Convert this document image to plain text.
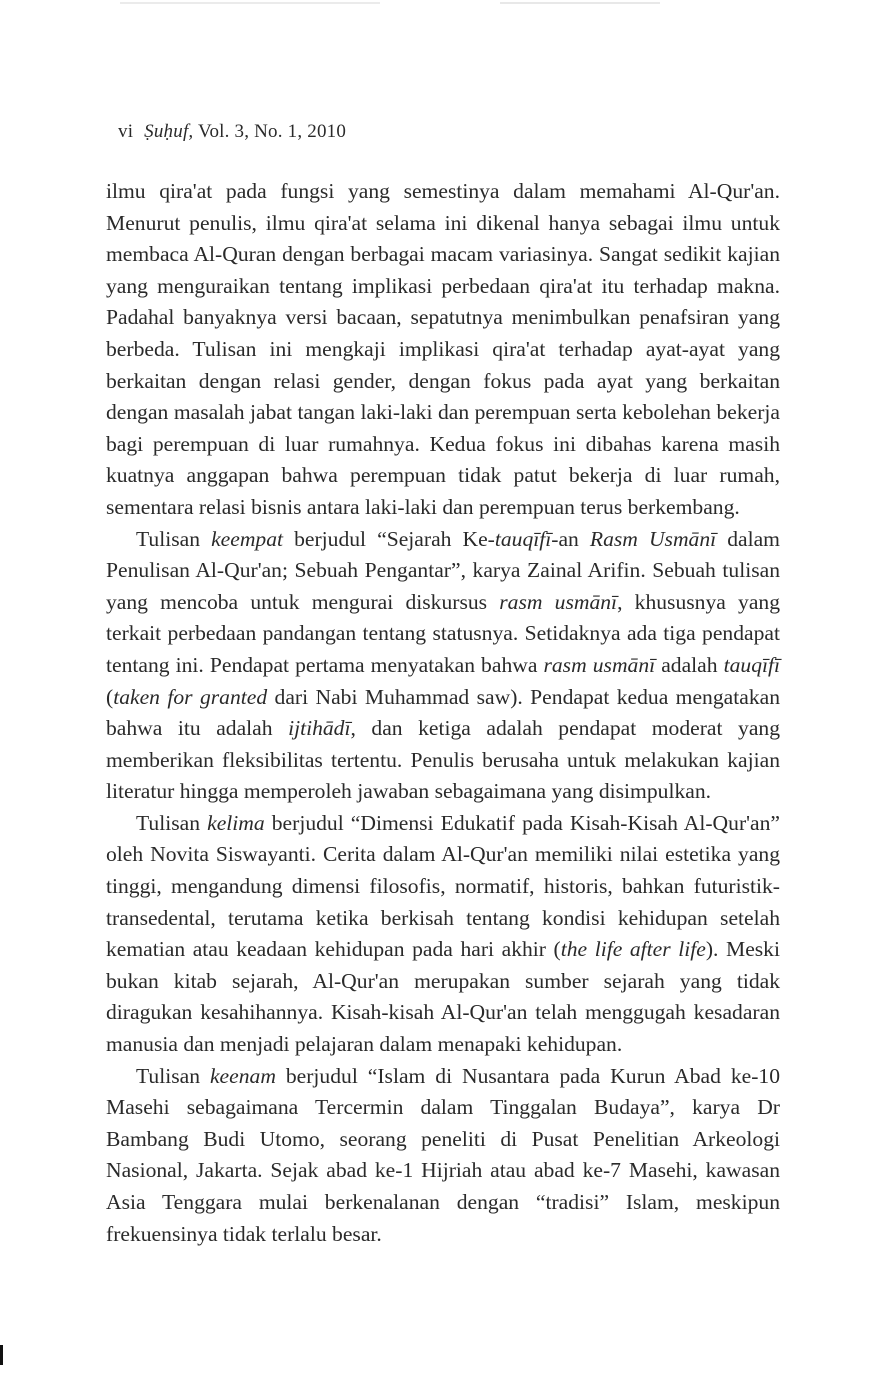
vi Ṣuḥuf, Vol. 3, No. 1, 2010

ilmu qira'at pada fungsi yang semestinya dalam memahami Al-Qur'an. Menurut penulis, ilmu qira'at selama ini dikenal hanya sebagai ilmu untuk membaca Al-Quran dengan berbagai macam variasinya. Sangat sedikit kajian yang menguraikan tentang implikasi perbedaan qira'at itu terhadap makna. Padahal banyaknya versi bacaan, sepatutnya menimbulkan penafsiran yang berbeda. Tulisan ini mengkaji implikasi qira'at terhadap ayat-ayat yang berkaitan dengan relasi gender, dengan fokus pada ayat yang berkaitan dengan masalah jabat tangan laki-laki dan perempuan serta kebolehan bekerja bagi perempuan di luar rumahnya. Kedua fokus ini dibahas karena masih kuatnya anggapan bahwa perempuan tidak patut bekerja di luar rumah, sementara relasi bisnis antara laki-laki dan perempuan terus berkembang.

Tulisan keempat berjudul “Sejarah Ke-tauqīfī-an Rasm Usmānī dalam Penulisan Al-Qur'an; Sebuah Pengantar”, karya Zainal Arifin. Sebuah tulisan yang mencoba untuk mengurai diskursus rasm usmānī, khususnya yang terkait perbedaan pandangan tentang statusnya. Setidaknya ada tiga pendapat tentang ini. Pendapat pertama menyatakan bahwa rasm usmānī adalah tauqīfī (taken for granted dari Nabi Muhammad saw). Pendapat kedua mengatakan bahwa itu adalah ijtihādī, dan ketiga adalah pendapat moderat yang memberikan fleksibilitas tertentu. Penulis berusaha untuk melakukan kajian literatur hingga memperoleh jawaban sebagaimana yang disimpulkan.

Tulisan kelima berjudul “Dimensi Edukatif pada Kisah-Kisah Al-Qur'an” oleh Novita Siswayanti. Cerita dalam Al-Qur'an memiliki nilai estetika yang tinggi, mengandung dimensi filosofis, normatif, historis, bahkan futuristik-transedental, terutama ketika berkisah tentang kondisi kehidupan setelah kematian atau keadaan kehidupan pada hari akhir (the life after life). Meski bukan kitab sejarah, Al-Qur'an merupakan sumber sejarah yang tidak diragukan kesahihannya. Kisah-kisah Al-Qur'an telah menggugah kesadaran manusia dan menjadi pelajaran dalam menapaki kehidupan.

Tulisan keenam berjudul “Islam di Nusantara pada Kurun Abad ke-10 Masehi sebagaimana Tercermin dalam Tinggalan Budaya”, karya Dr Bambang Budi Utomo, seorang peneliti di Pusat Penelitian Arkeologi Nasional, Jakarta. Sejak abad ke-1 Hijriah atau abad ke-7 Masehi, kawasan Asia Tenggara mulai berkenalanan dengan “tradisi” Islam, meskipun frekuensinya tidak terlalu besar.
